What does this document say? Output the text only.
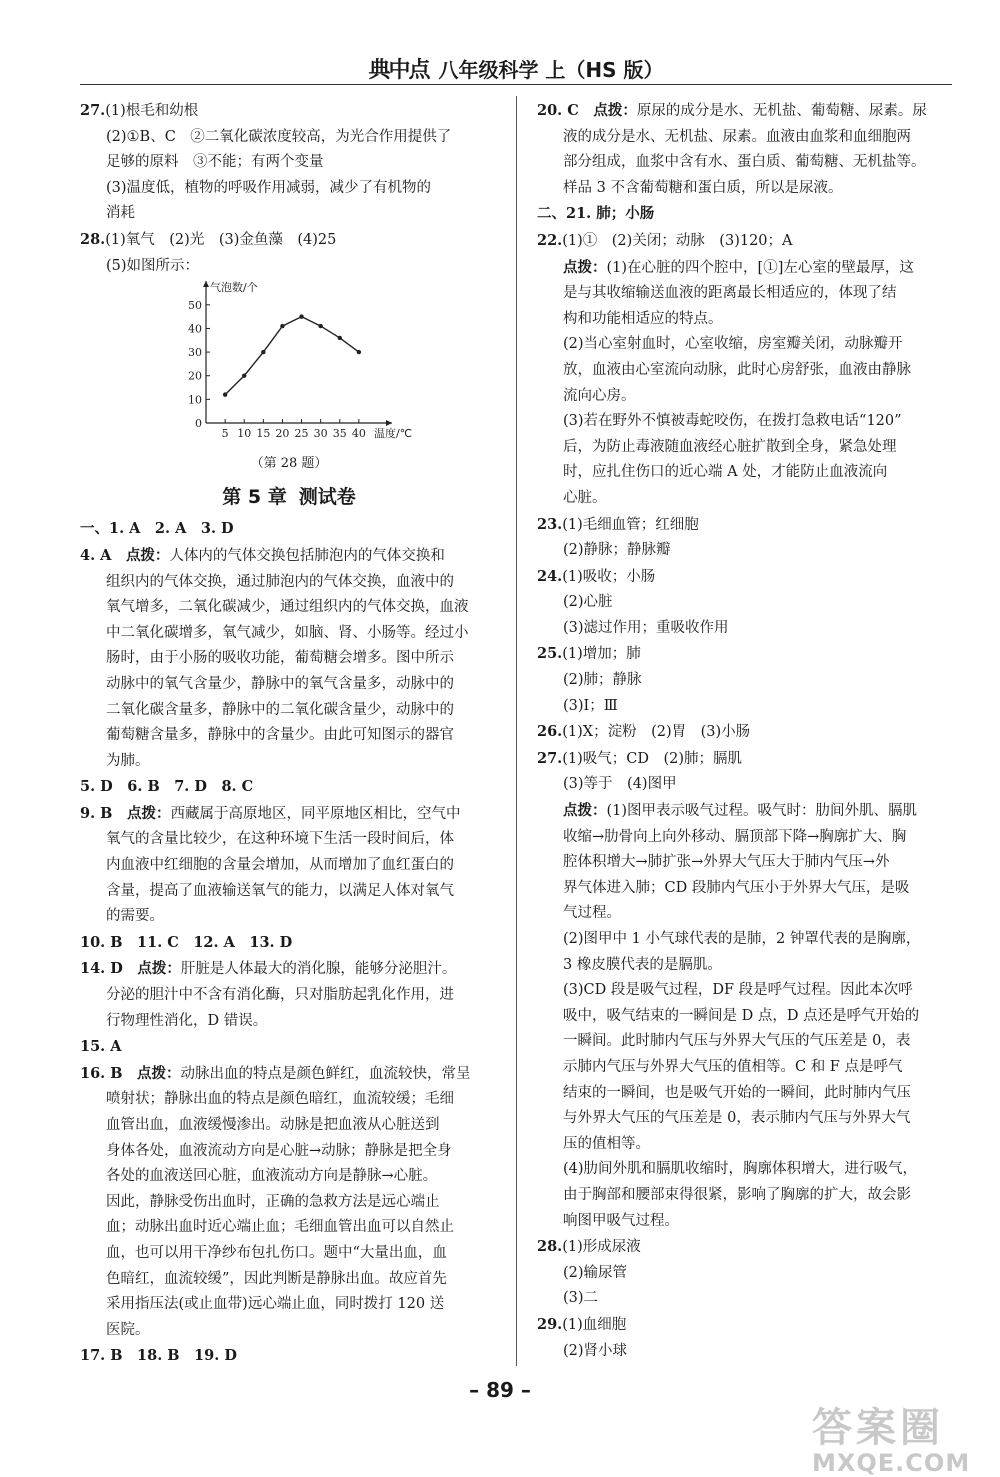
典中点 八年级科学 上（HS 版）

27.(1)根毛和幼根

(2)①B、C　②二氧化碳浓度较高，为光合作用提供了

足够的原料　③不能；有两个变量

(3)温度低，植物的呼吸作用减弱，减少了有机物的

消耗

28.(1)氧气　(2)光　(3)金鱼藻　(4)25

(5)如图所示：

0
10
20
30
40
50
5 10 15 20 25 30 35 40
气泡数/个
温度/℃

（第 28 题）

第 5 章 测试卷

一、1. A　2. A　3. D

4. A　 点拨：人体内的气体交换包括肺泡内的气体交换和

组织内的气体交换，通过肺泡内的气体交换，血液中的

氧气增多，二氧化碳减少，通过组织内的气体交换，血液

中二氧化碳增多，氧气减少，如脑、肾、小肠等。经过小

肠时，由于小肠的吸收功能，葡萄糖会增多。图中所示

动脉中的氧气含量少，静脉中的氧气含量多，动脉中的

二氧化碳含量多，静脉中的二氧化碳含量少，动脉中的

葡萄糖含量多，静脉中的含量少。由此可知图示的器官

为肺。

5. D　6. B　7. D　8. C

9. B　 点拨：西藏属于高原地区，同平原地区相比，空气中

氧气的含量比较少，在这种环境下生活一段时间后，体

内血液中红细胞的含量会增加，从而增加了血红蛋白的

含量，提高了血液输送氧气的能力，以满足人体对氧气

的需要。

10. B　11. C　12. A　13. D

14. D　 点拨：肝脏是人体最大的消化腺，能够分泌胆汁。

分泌的胆汁中不含有消化酶，只对脂肪起乳化作用，进

行物理性消化，D 错误。

15. A

16. B　 点拨：动脉出血的特点是颜色鲜红，血流较快，常呈

喷射状；静脉出血的特点是颜色暗红，血流较缓；毛细

血管出血，血液缓慢渗出。动脉是把血液从心脏送到

身体各处，血液流动方向是心脏→动脉；静脉是把全身

各处的血液送回心脏，血液流动方向是静脉→心脏。

因此，静脉受伤出血时，正确的急救方法是远心端止

血；动脉出血时近心端止血；毛细血管出血可以自然止

血，也可以用干净纱布包扎伤口。题中“大量出血，血

色暗红，血流较缓”，因此判断是静脉出血。故应首先

采用指压法(或止血带)远心端止血，同时拨打 120 送

医院。

17. B　18. B　19. D

20. C　 点拨：原尿的成分是水、无机盐、葡萄糖、尿素。尿

液的成分是水、无机盐、尿素。血液由血浆和血细胞两

部分组成，血浆中含有水、蛋白质、葡萄糖、无机盐等。

样品 3 不含葡萄糖和蛋白质，所以是尿液。

二、21. 肺；小肠

22.(1)①　(2)关闭；动脉　(3)120；A

点拨：(1)在心脏的四个腔中，[①]左心室的壁最厚，这

是与其收缩输送血液的距离最长相适应的，体现了结

构和功能相适应的特点。

(2)当心室射血时，心室收缩，房室瓣关闭，动脉瓣开

放，血液由心室流向动脉，此时心房舒张，血液由静脉

流向心房。

(3)若在野外不慎被毒蛇咬伤，在拨打急救电话“120”

后，为防止毒液随血液经心脏扩散到全身，紧急处理

时，应扎住伤口的近心端 A 处，才能防止血液流向

心脏。

23.(1)毛细血管；红细胞

(2)静脉；静脉瓣

24.(1)吸收；小肠

(2)心脏

(3)滤过作用；重吸收作用

25.(1)增加；肺

(2)肺；静脉

(3)Ⅰ；Ⅲ

26.(1)X；淀粉　(2)胃　(3)小肠

27.(1)吸气；CD　(2)肺；膈肌

(3)等于　(4)图甲

点拨：(1)图甲表示吸气过程。吸气时：肋间外肌、膈肌

收缩→肋骨向上向外移动、膈顶部下降→胸廓扩大、胸

腔体积增大→肺扩张→外界大气压大于肺内气压→外

界气体进入肺；CD 段肺内气压小于外界大气压，是吸

气过程。

(2)图甲中 1 小气球代表的是肺，2 钟罩代表的是胸廓，

3 橡皮膜代表的是膈肌。

(3)CD 段是吸气过程，DF 段是呼气过程。因此本次呼

吸中，吸气结束的一瞬间是 D 点，D 点还是呼气开始的

一瞬间。此时肺内气压与外界大气压的气压差是 0，表

示肺内气压与外界大气压的值相等。C 和 F 点是呼气

结束的一瞬间，也是吸气开始的一瞬间，此时肺内气压

与外界大气压的气压差是 0，表示肺内气压与外界大气

压的值相等。

(4)肋间外肌和膈肌收缩时，胸廓体积增大，进行吸气，

由于胸部和腰部束得很紧，影响了胸廓的扩大，故会影

响图甲吸气过程。

28.(1)形成尿液

(2)输尿管

(3)二

29.(1)血细胞

(2)肾小球

– 89 –
答案圈
MXQE.COM
